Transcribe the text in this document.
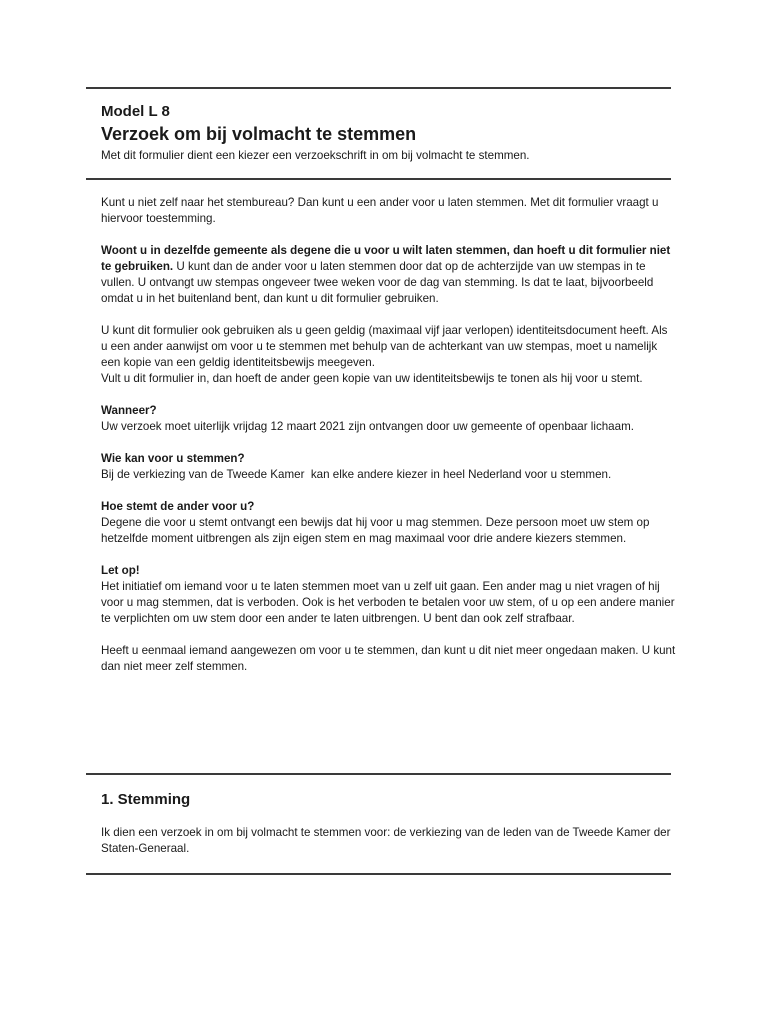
Model L 8
Verzoek om bij volmacht te stemmen

Met dit formulier dient een kiezer een verzoekschrift in om bij volmacht te stemmen.

Kunt u niet zelf naar het stembureau? Dan kunt u een ander voor u laten stemmen. Met dit formulier vraagt u hiervoor toestemming.

Woont u in dezelfde gemeente als degene die u voor u wilt laten stemmen, dan hoeft u dit formulier niet te gebruiken. U kunt dan de ander voor u laten stemmen door dat op de achterzijde van uw stempas in te vullen. U ontvangt uw stempas ongeveer twee weken voor de dag van stemming. Is dat te laat, bijvoorbeeld omdat u in het buitenland bent, dan kunt u dit formulier gebruiken.

U kunt dit formulier ook gebruiken als u geen geldig (maximaal vijf jaar verlopen) identiteitsdocument heeft. Als u een ander aanwijst om voor u te stemmen met behulp van de achterkant van uw stempas, moet u namelijk een kopie van een geldig identiteitsbewijs meegeven.

Vult u dit formulier in, dan hoeft de ander geen kopie van uw identiteitsbewijs te tonen als hij voor u stemt.

Wanneer?

Uw verzoek moet uiterlijk vrijdag 12 maart 2021 zijn ontvangen door uw gemeente of openbaar lichaam.

Wie kan voor u stemmen?

Bij de verkiezing van de Tweede Kamer  kan elke andere kiezer in heel Nederland voor u stemmen.

Hoe stemt de ander voor u?

Degene die voor u stemt ontvangt een bewijs dat hij voor u mag stemmen. Deze persoon moet uw stem op hetzelfde moment uitbrengen als zijn eigen stem en mag maximaal voor drie andere kiezers stemmen.

Let op!

Het initiatief om iemand voor u te laten stemmen moet van u zelf uit gaan. Een ander mag u niet vragen of hij voor u mag stemmen, dat is verboden. Ook is het verboden te betalen voor uw stem, of u op een andere manier te verplichten om uw stem door een ander te laten uitbrengen. U bent dan ook zelf strafbaar.

Heeft u eenmaal iemand aangewezen om voor u te stemmen, dan kunt u dit niet meer ongedaan maken. U kunt dan niet meer zelf stemmen.

1. Stemming

Ik dien een verzoek in om bij volmacht te stemmen voor: de verkiezing van de leden van de Tweede Kamer der Staten-Generaal.
